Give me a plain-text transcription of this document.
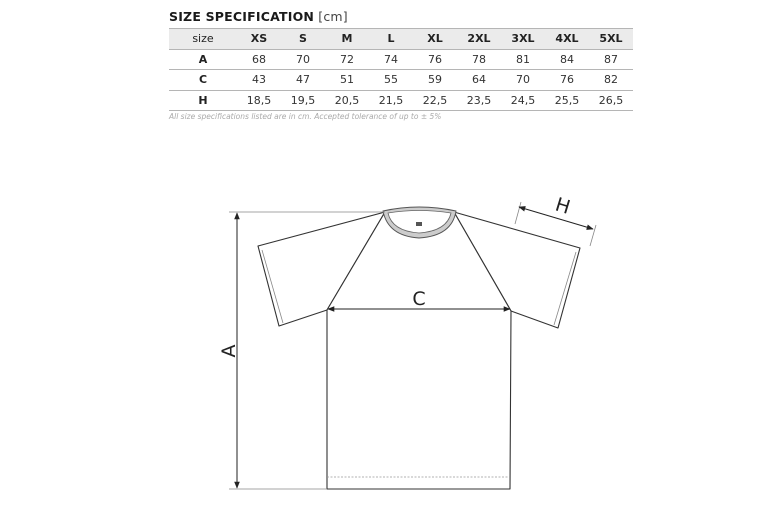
SIZE SPECIFICATION [cm]
size	XS	S	M	L	XL	2XL	3XL	4XL	5XL
A	68	70	72	74	76	78	81	84	87
C	43	47	51	55	59	64	70	76	82
H	18,5	19,5	20,5	21,5	22,5	23,5	24,5	25,5	26,5
All size specifications listed are in cm. Accepted tolerance of up to ± 5%
A
C
H
